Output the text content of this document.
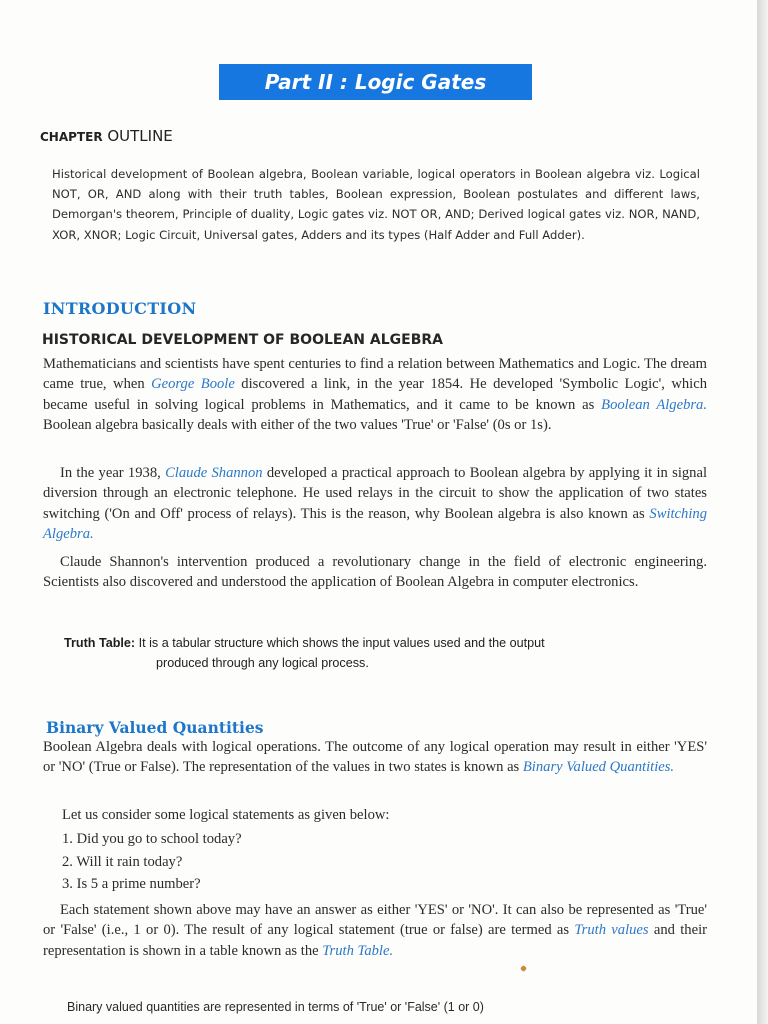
Part II : Logic Gates
CHAPTER OUTLINE
Historical development of Boolean algebra, Boolean variable, logical operators in Boolean algebra viz. Logical NOT, OR, AND along with their truth tables, Boolean expression, Boolean postulates and different laws, Demorgan's theorem, Principle of duality, Logic gates viz. NOT OR, AND; Derived logical gates viz. NOR, NAND, XOR, XNOR; Logic Circuit, Universal gates, Adders and its types (Half Adder and Full Adder).
INTRODUCTION
HISTORICAL DEVELOPMENT OF BOOLEAN ALGEBRA
Mathematicians and scientists have spent centuries to find a relation between Mathematics and Logic. The dream came true, when George Boole discovered a link, in the year 1854. He developed 'Symbolic Logic', which became useful in solving logical problems in Mathematics, and it came to be known as Boolean Algebra. Boolean algebra basically deals with either of the two values 'True' or 'False' (0s or 1s).
In the year 1938, Claude Shannon developed a practical approach to Boolean algebra by applying it in signal diversion through an electronic telephone. He used relays in the circuit to show the application of two states switching ('On and Off' process of relays). This is the reason, why Boolean algebra is also known as Switching Algebra.
Claude Shannon's intervention produced a revolutionary change in the field of electronic engineering. Scientists also discovered and understood the application of Boolean Algebra in computer electronics.
Truth Table: It is a tabular structure which shows the input values used and the output
produced through any logical process.
Binary Valued Quantities
Boolean Algebra deals with logical operations. The outcome of any logical operation may result in either 'YES' or 'NO' (True or False). The representation of the values in two states is known as Binary Valued Quantities.
Let us consider some logical statements as given below:
1. Did you go to school today?
2. Will it rain today?
3. Is 5 a prime number?
Each statement shown above may have an answer as either 'YES' or 'NO'. It can also be represented as 'True' or 'False' (i.e., 1 or 0). The result of any logical statement (true or false) are termed as Truth values and their representation is shown in a table known as the Truth Table.
Binary valued quantities are represented in terms of 'True' or 'False' (1 or 0)
